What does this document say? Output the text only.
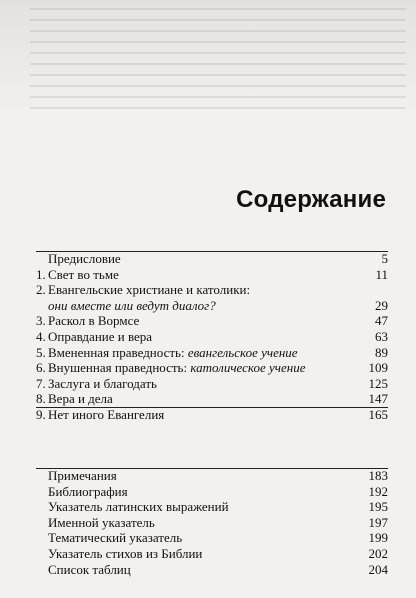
Содержание
Предисловие	5
1. Свет во тьме	11
2. Евангельские христиане и католики:
они вместе или ведут диалог?	29
3. Раскол в Вормсе	47
4. Оправдание и вера	63
5. Вмененная праведность: евангельское учение	89
6. Внушенная праведность: католическое учение	109
7. Заслуга и благодать	125
8. Вера и дела	147
9. Нет иного Евангелия	165
Примечания	183
Библиография	192
Указатель латинских выражений	195
Именной указатель	197
Тематический указатель	199
Указатель стихов из Библии	202
Список таблиц	204
